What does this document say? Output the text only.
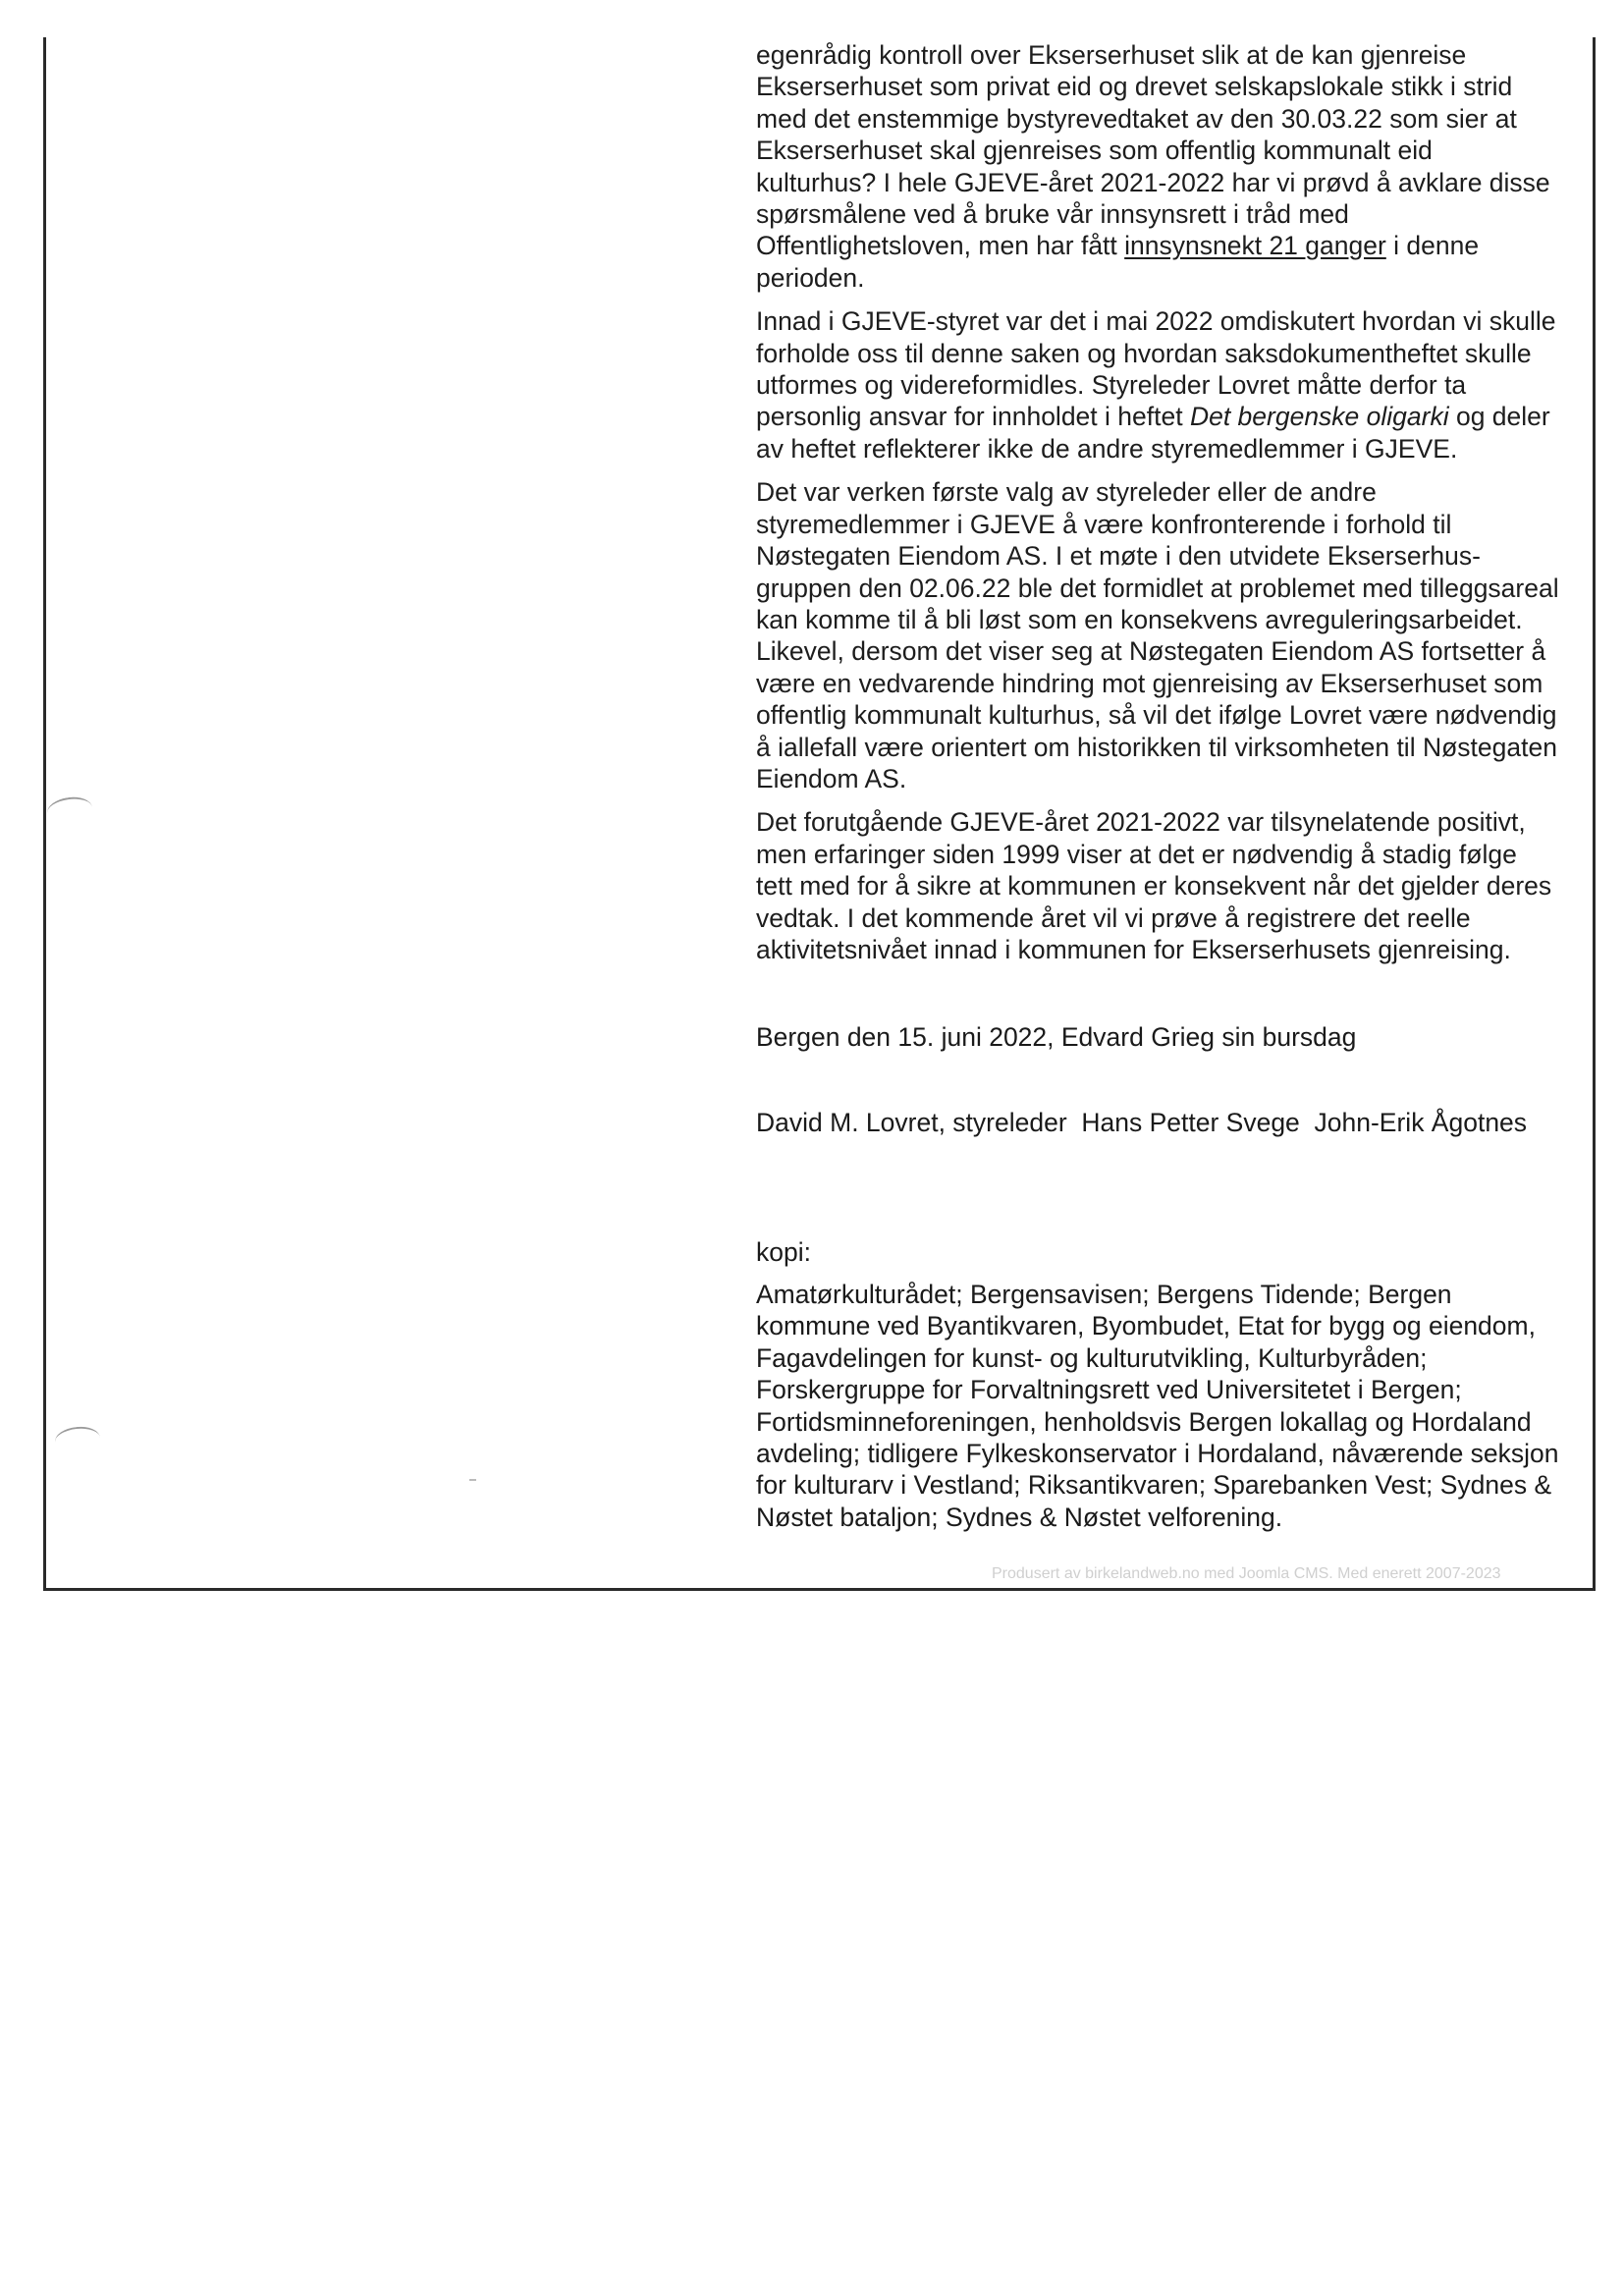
egenrådig kontroll over Ekserserhuset slik at de kan gjenreise
Ekserserhuset som privat eid og drevet selskapslokale stikk i strid
med det enstemmige bystyrevedtaket av den 30.03.22 som sier at
Ekserserhuset skal gjenreises som offentlig kommunalt eid
kulturhus? I hele GJEVE-året 2021-2022 har vi prøvd å avklare disse
spørsmålene ved å bruke vår innsynsrett i tråd med
Offentlighetsloven, men har fått innsynsnekt 21 ganger i denne
perioden.

Innad i GJEVE-styret var det i mai 2022 omdiskutert hvordan vi skulle
forholde oss til denne saken og hvordan saksdokumentheftet skulle
utformes og videreformidles. Styreleder Lovret måtte derfor ta
personlig ansvar for innholdet i heftet Det bergenske oligarki og deler
av heftet reflekterer ikke de andre styremedlemmer i GJEVE.

Det var verken første valg av styreleder eller de andre
styremedlemmer i GJEVE å være konfronterende i forhold til
Nøstegaten Eiendom AS. I et møte i den utvidete Ekserserhus-
gruppen den 02.06.22 ble det formidlet at problemet med tilleggsareal
kan komme til å bli løst som en konsekvens avreguleringsarbeidet.
Likevel, dersom det viser seg at Nøstegaten Eiendom AS fortsetter å
være en vedvarende hindring mot gjenreising av Ekserserhuset som
offentlig kommunalt kulturhus, så vil det ifølge Lovret være nødvendig
å iallefall være orientert om historikken til virksomheten til Nøstegaten
Eiendom AS.

Det forutgående GJEVE-året 2021-2022 var tilsynelatende positivt,
men erfaringer siden 1999 viser at det er nødvendig å stadig følge
tett med for å sikre at kommunen er konsekvent når det gjelder deres
vedtak. I det kommende året vil vi prøve å registrere det reelle
aktivitetsnivået innad i kommunen for Ekserserhusets gjenreising.

Bergen den 15. juni 2022, Edvard Grieg sin bursdag
David M. Lovret, styreleder  Hans Petter Svege  John-Erik Ågotnes
kopi:
Amatørkulturådet; Bergensavisen; Bergens Tidende; Bergen
kommune ved Byantikvaren, Byombudet, Etat for bygg og eiendom,
Fagavdelingen for kunst- og kulturutvikling, Kulturbyråden;
Forskergruppe for Forvaltningsrett ved Universitetet i Bergen;
Fortidsminneforeningen, henholdsvis Bergen lokallag og Hordaland
avdeling; tidligere Fylkeskonservator i Hordaland, nåværende seksjon
for kulturarv i Vestland; Riksantikvaren; Sparebanken Vest; Sydnes &
Nøstet bataljon; Sydnes & Nøstet velforening.
Produsert av birkelandweb.no med Joomla CMS. Med enerett 2007-2023
